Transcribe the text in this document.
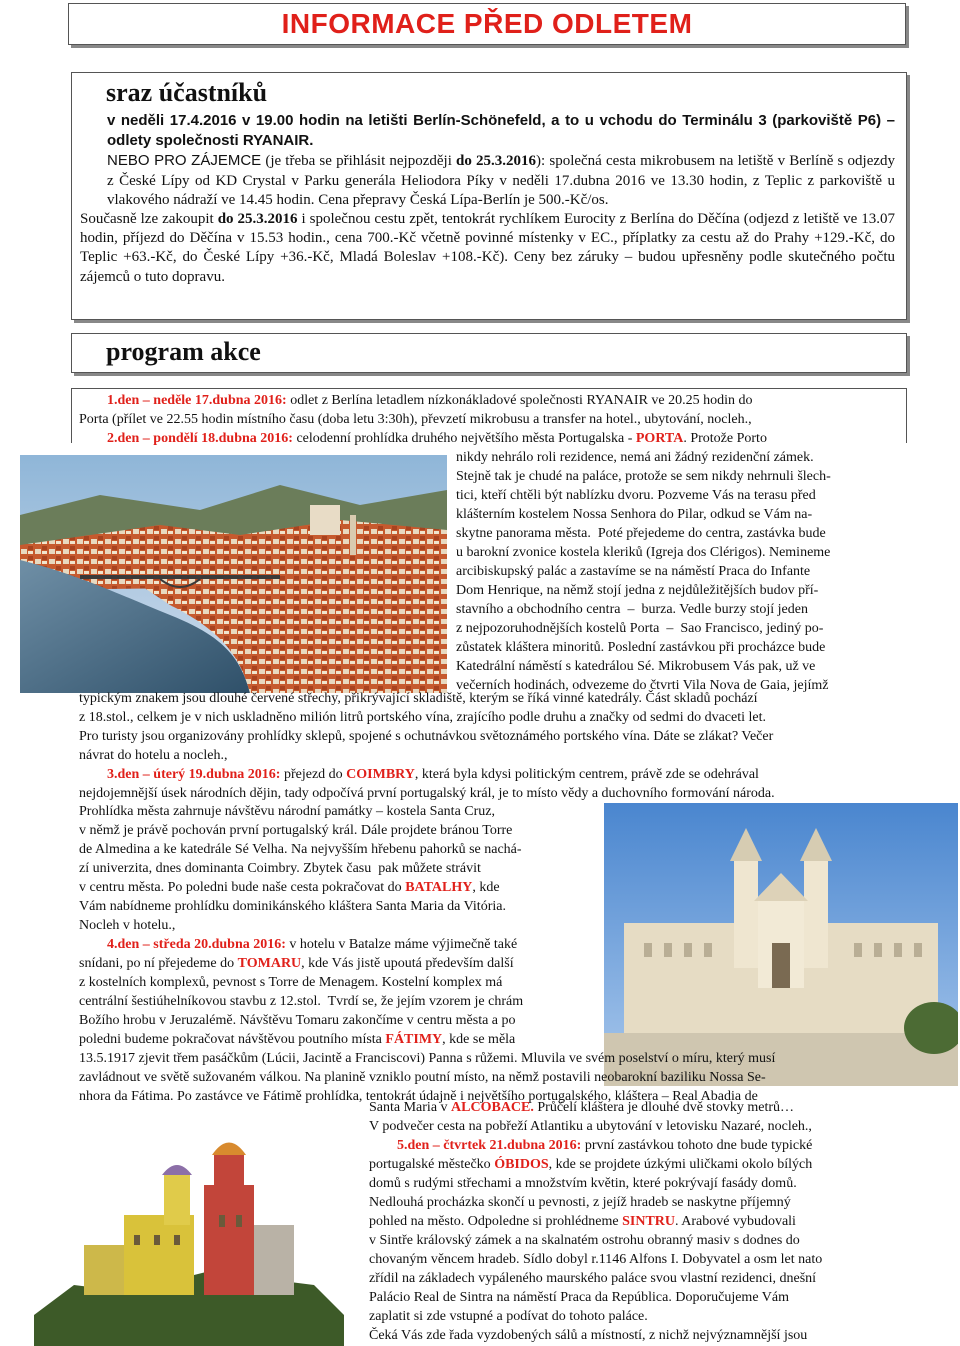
INFORMACE PŘED ODLETEM
sraz účastníků

v neděli 17.4.2016 v 19.00 hodin na letišti Berlín-Schönefeld, a to u vchodu do Terminálu 3 (parkoviště P6) – odlety společnosti RYANAIR.

NEBO PRO ZÁJEMCE (je třeba se přihlásit nejpozději do 25.3.2016): společná cesta mikrobusem na letiště v Berlíně s odjezdy z České Lípy od KD Crystal v Parku generála Heliodora Píky v neděli 17.dubna 2016 ve 13.30 hodin, z Teplic z parkoviště u vlakového nádraží ve 14.45 hodin. Cena přepravy Česká Lípa-Berlín je 500.-Kč/os.

Současně lze zakoupit do 25.3.2016 i společnou cestu zpět, tentokrát rychlíkem Eurocity z Berlína do Děčína (odjezd z letiště ve 13.07 hodin, příjezd do Děčína v 15.53 hodin., cena 700.-Kč včetně povinné místenky v EC., příplatky za cestu až do Prahy +129.-Kč, do Teplic +63.-Kč, do České Lípy +36.-Kč, Mladá Boleslav +108.-Kč). Ceny bez záruky – budou upřesněny podle skutečného počtu zájemců o tuto dopravu.

program akce
1.den – neděle 17.dubna 2016: odlet z Berlína letadlem nízkonákladové společnosti RYANAIR ve 20.25 hodin do
Porta (přílet ve 22.55 hodin místního času (doba letu 3:30h), převzetí mikrobusu a transfer na hotel., ubytování, nocleh.,
2.den – pondělí 18.dubna 2016: celodenní prohlídka druhého největšího města Portugalska - PORTA. Protože Porto
nikdy nehrálo roli rezidence, nemá ani žádný rezidenční zámek.
Stejně tak je chudé na paláce, protože se sem nikdy nehrnuli šlech-
tici, kteří chtěli být nablízku dvoru. Pozveme Vás na terasu před
klášterním kostelem Nossa Senhora do Pilar, odkud se Vám na-
skytne panorama města.  Poté přejedeme do centra, zastávka bude
u barokní zvonice kostela kleriků (Igreja dos Clérigos). Nemineme
arcibiskupský palác a zastavíme se na náměstí Praca do Infante
Dom Henrique, na němž stojí jedna z nejdůležitějších budov pří-
stavního a obchodního centra  –  burza. Vedle burzy stojí jeden
z nejpozoruhodnějších kostelů Porta  –  Sao Francisco, jediný po-
zůstatek kláštera minoritů. Poslední zastávkou při procházce bude
Katedrální náměstí s katedrálou Sé. Mikrobusem Vás pak, už ve
večerních hodinách, odvezeme do čtvrti Vila Nova de Gaia, jejímž
typickým znakem jsou dlouhé červené střechy, přikrývající skladiště, kterým se říká vinné katedrály. Část skladů pochází
z 18.stol., celkem je v nich uskladněno milión litrů portského vína, zrajícího podle druhu a značky od sedmi do dvaceti let.
Pro turisty jsou organizovány prohlídky sklepů, spojené s ochutnávkou světoznámého portského vína. Dáte se zlákat? Večer
návrat do hotelu a nocleh.,
3.den – úterý 19.dubna 2016: přejezd do COIMBRY, která byla kdysi politickým centrem, právě zde se odehrával
nejdojemnější úsek národních dějin, tady odpočívá první portugalský král, je to místo vědy a duchovního formování národa.
Prohlídka města zahrnuje návštěvu národní památky – kostela Santa Cruz,
v němž je právě pochován první portugalský král. Dále projdete bránou Torre
de Almedina a ke katedrále Sé Velha. Na nejvyšším hřebenu pahorků se nachá-
zí univerzita, dnes dominanta Coimbry. Zbytek času  pak můžete strávit
v centru města. Po poledni bude naše cesta pokračovat do BATALHY, kde
Vám nabídneme prohlídku dominikánského kláštera Santa Maria da Vitória.
Nocleh v hotelu.,
4.den – středa 20.dubna 2016: v hotelu v Batalze máme výjimečně také
snídani, po ní přejedeme do TOMARU, kde Vás jistě upoutá především další
z kostelních komplexů, pevnost s Torre de Menagem. Kostelní komplex má
centrální šestiúhelníkovou stavbu z 12.stol.  Tvrdí se, že jejím vzorem je chrám
Božího hrobu v Jeruzalémě. Návštěvu Tomaru zakončíme v centru města a po
poledni budeme pokračovat návštěvou poutního místa FÁTIMY, kde se měla
13.5.1917 zjevit třem pasáčkům (Lúcii, Jacintě a Franciscovi) Panna s růžemi. Mluvila ve svém poselství o míru, který musí
zavládnout ve světě sužovaném válkou. Na planině vzniklo poutní místo, na němž postavili neobarokní baziliku Nossa Se-
nhora da Fátima. Po zastávce ve Fátimě prohlídka, tentokrát údajně i největšího portugalského, kláštera – Real Abadia de
Santa Maria v ALCOBACE. Průčelí kláštera je dlouhé dvě stovky metrů…
V podvečer cesta na pobřeží Atlantiku a ubytování v letovisku Nazaré, nocleh.,
5.den – čtvrtek 21.dubna 2016: první zastávkou tohoto dne bude typické
portugalské městečko ÓBIDOS, kde se projdete úzkými uličkami okolo bílých
domů s rudými střechami a množstvím květin, které pokrývají fasády domů.
Nedlouhá procházka skončí u pevnosti, z jejíž hradeb se naskytne příjemný
pohled na město. Odpoledne si prohlédneme SINTRU. Arabové vybudovali
v Sintře královský zámek a na skalnatém ostrohu obranný masiv s dodnes do
chovaným věncem hradeb. Sídlo dobyl r.1146 Alfons I. Dobyvatel a osm let nato
zřídil na základech vypáleného maurského paláce svou vlastní rezidenci, dnešní
Palácio Real de Sintra na náměstí Praca da República. Doporučujeme Vám
zaplatit si zde vstupné a podívat do tohoto paláce.
Čeká Vás zde řada vyzdobených sálů a místností, z nichž nejvýznamnější jsou
